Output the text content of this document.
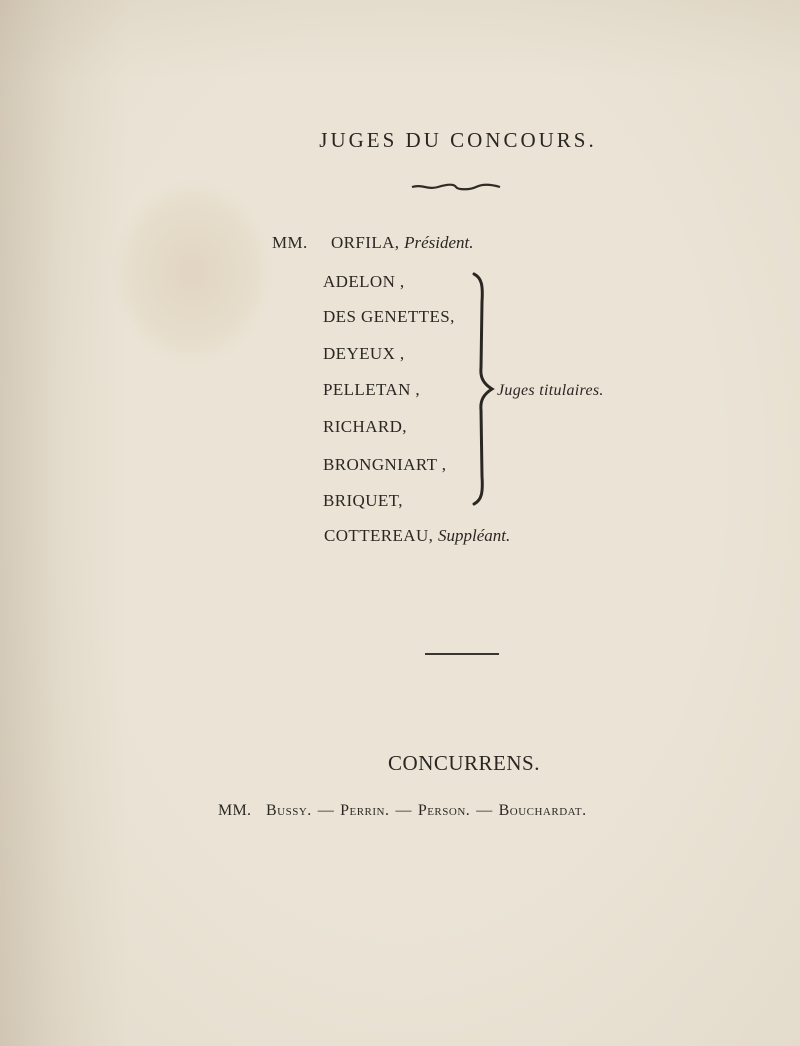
JUGES DU CONCOURS.
MM. ORFILA, Président.
ADELON ,
DES GENETTES,
DEYEUX ,
PELLETAN ,
RICHARD,
BRONGNIART ,
BRIQUET,
Juges titulaires.
COTTEREAU, Suppléant.
CONCURRENS.
MM. Bussy. — Perrin. — Person. — Bouchardat.
